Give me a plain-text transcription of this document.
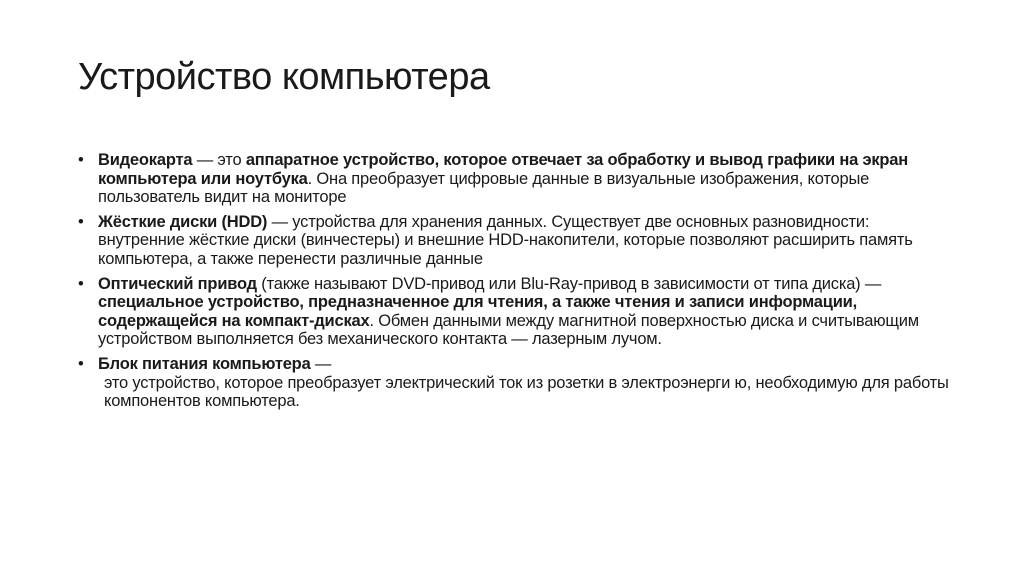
Устройство компьютера
• Видеокарта — это аппаратное устройство, которое отвечает за обработку и вывод графики на экран компьютера или ноутбука. Она преобразует цифровые данные в визуальные изображения, которые пользователь видит на мониторе
• Жёсткие диски (HDD) — устройства для хранения данных. Существует две основных разновидности: внутренние жёсткие диски (винчестеры) и внешние HDD-накопители, которые позволяют расширить память компьютера, а также перенести различные данные
• Оптический привод (также называют DVD-привод или Blu-Ray-привод в зависимости от типа диска) — специальное устройство, предназначенное для чтения, а также чтения и записи информации, содержащейся на компакт-дисках. Обмен данными между магнитной поверхностью диска и считывающим устройством выполняется без механического контакта — лазерным лучом.
• Блок питания компьютера —
это устройство, которое преобразует электрический ток из розетки в электроэнерги ю, необходимую для работы компонентов компьютера.
